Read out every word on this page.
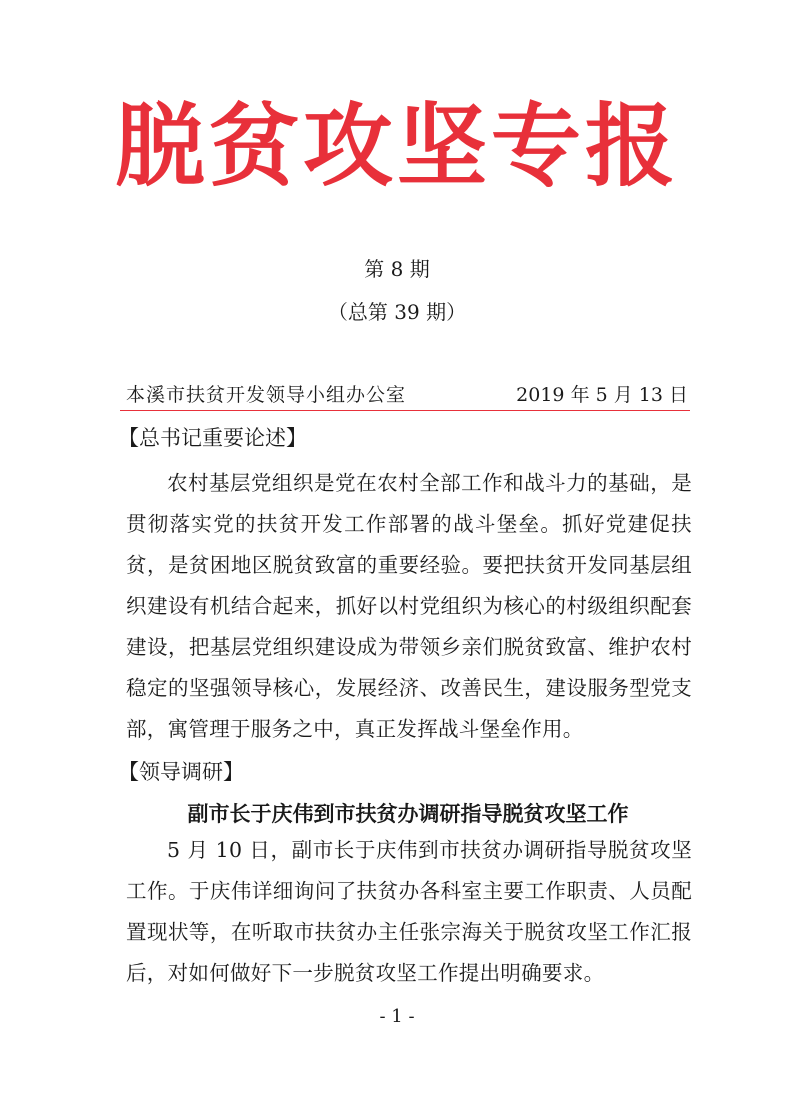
脱贫攻坚专报
第 8 期
（总第 39 期）
本溪市扶贫开发领导小组办公室	2019 年 5 月 13 日
【总书记重要论述】

农村基层党组织是党在农村全部工作和战斗力的基础，是贯彻落实党的扶贫开发工作部署的战斗堡垒。抓好党建促扶贫，是贫困地区脱贫致富的重要经验。要把扶贫开发同基层组织建设有机结合起来，抓好以村党组织为核心的村级组织配套建设，把基层党组织建设成为带领乡亲们脱贫致富、维护农村稳定的坚强领导核心，发展经济、改善民生，建设服务型党支部，寓管理于服务之中，真正发挥战斗堡垒作用。

【领导调研】
副市长于庆伟到市扶贫办调研指导脱贫攻坚工作

5 月 10 日，副市长于庆伟到市扶贫办调研指导脱贫攻坚工作。于庆伟详细询问了扶贫办各科室主要工作职责、人员配置现状等，在听取市扶贫办主任张宗海关于脱贫攻坚工作汇报后，对如何做好下一步脱贫攻坚工作提出明确要求。

- 1 -
